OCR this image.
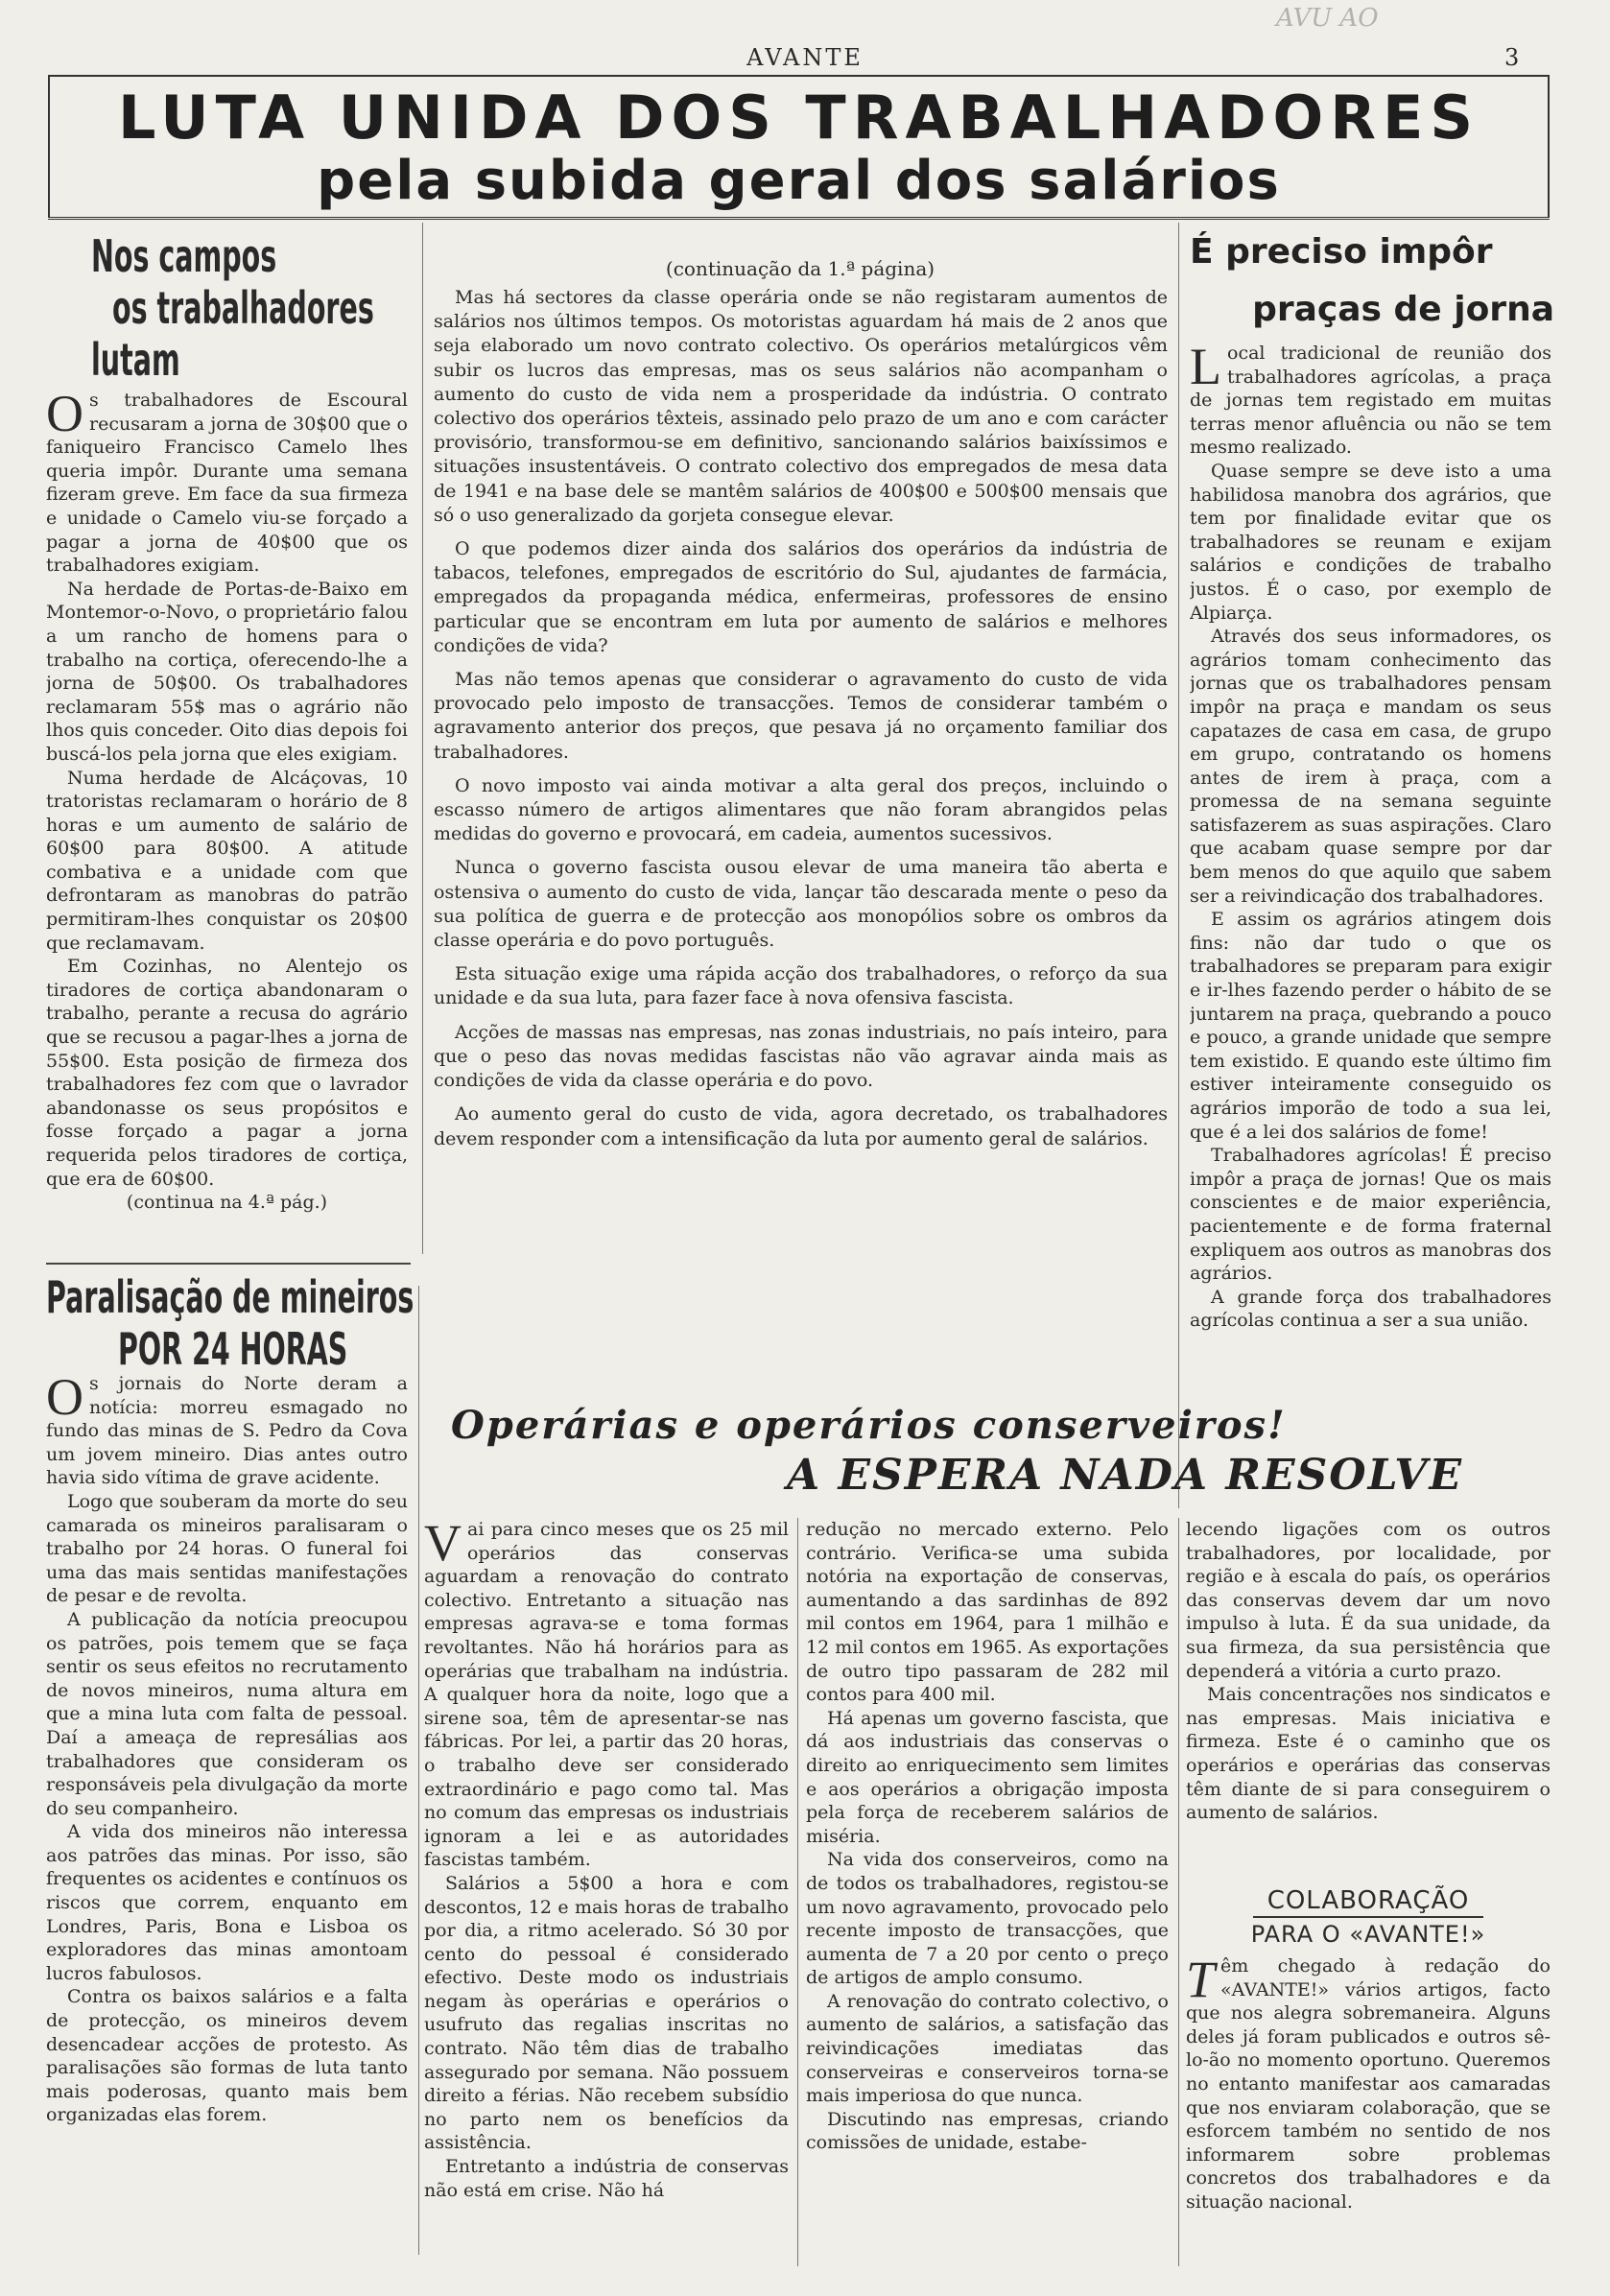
AVU AO
AVANTE	3
LUTA UNIDA DOS TRABALHADORES
pela subida geral dos salários
Nos campos
os trabalhadores
lutam

Os trabalhadores de Escoural recusaram a jorna de 30$00 que o faniqueiro Francisco Camelo lhes queria impôr. Durante uma semana fizeram greve. Em face da sua firmeza e unidade o Camelo viu-se forçado a pagar a jorna de 40$00 que os trabalhadores exigiam.

Na herdade de Portas-de-Baixo em Montemor-o-Novo, o proprietário falou a um rancho de homens para o trabalho na cortiça, oferecendo-lhe a jorna de 50$00. Os trabalhadores reclamaram 55$ mas o agrário não lhos quis conceder. Oito dias depois foi buscá-los pela jorna que eles exigiam.

Numa herdade de Alcáçovas, 10 tratoristas reclamaram o horário de 8 horas e um aumento de salário de 60$00 para 80$00. A atitude combativa e a unidade com que defrontaram as manobras do patrão permitiram-lhes conquistar os 20$00 que reclamavam.

Em Cozinhas, no Alentejo os tiradores de cortiça abandonaram o trabalho, perante a recusa do agrário que se recusou a pagar-lhes a jorna de 55$00. Esta posição de firmeza dos trabalhadores fez com que o lavrador abandonasse os seus propósitos e fosse forçado a pagar a jorna requerida pelos tiradores de cortiça, que era de 60$00.

(continua na 4.ª pág.)

Paralisação de mineiros
POR 24 HORAS

Os jornais do Norte deram a notícia: morreu esmagado no fundo das minas de S. Pedro da Cova um jovem mineiro. Dias antes outro havia sido vítima de grave acidente.

Logo que souberam da morte do seu camarada os mineiros paralisaram o trabalho por 24 horas. O funeral foi uma das mais sentidas manifestações de pesar e de revolta.

A publicação da notícia preocupou os patrões, pois temem que se faça sentir os seus efeitos no recrutamento de novos mineiros, numa altura em que a mina luta com falta de pessoal. Daí a ameaça de represálias aos trabalhadores que consideram os responsáveis pela divulgação da morte do seu companheiro.

A vida dos mineiros não interessa aos patrões das minas. Por isso, são frequentes os acidentes e contínuos os riscos que correm, enquanto em Londres, Paris, Bona e Lisboa os exploradores das minas amontoam lucros fabulosos.

Contra os baixos salários e a falta de protecção, os mineiros devem desencadear acções de protesto. As paralisações são formas de luta tanto mais poderosas, quanto mais bem organizadas elas forem.

(continuação da 1.ª página)

Mas há sectores da classe operária onde se não registaram aumentos de salários nos últimos tempos. Os motoristas aguardam há mais de 2 anos que seja elaborado um novo contrato colectivo. Os operários metalúrgicos vêm subir os lucros das empresas, mas os seus salários não acompanham o aumento do custo de vida nem a prosperidade da indústria. O contrato colectivo dos operários têxteis, assinado pelo prazo de um ano e com carácter provisório, transformou-se em definitivo, sancionando salários baixíssimos e situações insustentáveis. O contrato colectivo dos empregados de mesa data de 1941 e na base dele se mantêm salários de 400$00 e 500$00 mensais que só o uso generalizado da gorjeta consegue elevar.

O que podemos dizer ainda dos salários dos operários da indústria de tabacos, telefones, empregados de escritório do Sul, ajudantes de farmácia, empregados da propaganda médica, enfermeiras, professores de ensino particular que se encontram em luta por aumento de salários e melhores condições de vida?

Mas não temos apenas que considerar o agravamento do custo de vida provocado pelo imposto de transacções. Temos de considerar também o agravamento anterior dos preços, que pesava já no orçamento familiar dos trabalhadores.

O novo imposto vai ainda motivar a alta geral dos preços, incluindo o escasso número de artigos alimentares que não foram abrangidos pelas medidas do governo e provocará, em cadeia, aumentos sucessivos.

Nunca o governo fascista ousou elevar de uma maneira tão aberta e ostensiva o aumento do custo de vida, lançar tão descarada mente o peso da sua política de guerra e de protecção aos monopólios sobre os ombros da classe operária e do povo português.

Esta situação exige uma rápida acção dos trabalhadores, o reforço da sua unidade e da sua luta, para fazer face à nova ofensiva fascista.

Acções de massas nas empresas, nas zonas industriais, no país inteiro, para que o peso das novas medidas fascistas não vão agravar ainda mais as condições de vida da classe operária e do povo.

Ao aumento geral do custo de vida, agora decretado, os trabalhadores devem responder com a intensificação da luta por aumento geral de salários.

É preciso impôr
praças de jorna

Local tradicional de reunião dos trabalhadores agrícolas, a praça de jornas tem registado em muitas terras menor afluência ou não se tem mesmo realizado.

Quase sempre se deve isto a uma habilidosa manobra dos agrários, que tem por finalidade evitar que os trabalhadores se reunam e exijam salários e condições de trabalho justos. É o caso, por exemplo de Alpiarça.

Através dos seus informadores, os agrários tomam conhecimento das jornas que os trabalhadores pensam impôr na praça e mandam os seus capatazes de casa em casa, de grupo em grupo, contratando os homens antes de irem à praça, com a promessa de na semana seguinte satisfazerem as suas aspirações. Claro que acabam quase sempre por dar bem menos do que aquilo que sabem ser a reivindicação dos trabalhadores.

E assim os agrários atingem dois fins: não dar tudo o que os trabalhadores se preparam para exigir e ir-lhes fazendo perder o hábito de se juntarem na praça, quebrando a pouco e pouco, a grande unidade que sempre tem existido. E quando este último fim estiver inteiramente conseguido os agrários imporão de todo a sua lei, que é a lei dos salários de fome!

Trabalhadores agrícolas! É preciso impôr a praça de jornas! Que os mais conscientes e de maior experiência, pacientemente e de forma fraternal expliquem aos outros as manobras dos agrários.

A grande força dos trabalhadores agrícolas continua a ser a sua união.

Operárias e operários conserveiros!
A ESPERA NADA RESOLVE

Vai para cinco meses que os 25 mil operários das conservas aguardam a renovação do contrato colectivo. Entretanto a situação nas empresas agrava-se e toma formas revoltantes. Não há horários para as operárias que trabalham na indústria. A qualquer hora da noite, logo que a sirene soa, têm de apresentar-se nas fábricas. Por lei, a partir das 20 horas, o trabalho deve ser considerado extraordinário e pago como tal. Mas no comum das empresas os industriais ignoram a lei e as autoridades fascistas também.

Salários a 5$00 a hora e com descontos, 12 e mais horas de trabalho por dia, a ritmo acelerado. Só 30 por cento do pessoal é considerado efectivo. Deste modo os industriais negam às operárias e operários o usufruto das regalias inscritas no contrato. Não têm dias de trabalho assegurado por semana. Não possuem direito a férias. Não recebem subsídio no parto nem os benefícios da assistência.

Entretanto a indústria de conservas não está em crise. Não há

redução no mercado externo. Pelo contrário. Verifica-se uma subida notória na exportação de conservas, aumentando a das sardinhas de 892 mil contos em 1964, para 1 milhão e 12 mil contos em 1965. As exportações de outro tipo passaram de 282 mil contos para 400 mil.

Há apenas um governo fascista, que dá aos industriais das conservas o direito ao enriquecimento sem limites e aos operários a obrigação imposta pela força de receberem salários de miséria.

Na vida dos conserveiros, como na de todos os trabalhadores, registou-se um novo agravamento, provocado pelo recente imposto de transacções, que aumenta de 7 a 20 por cento o preço de artigos de amplo consumo.

A renovação do contrato colectivo, o aumento de salários, a satisfação das reivindicações imediatas das conserveiras e conserveiros torna-se mais imperiosa do que nunca.

Discutindo nas empresas, criando comissões de unidade, estabe-

lecendo ligações com os outros trabalhadores, por localidade, por região e à escala do país, os operários das conservas devem dar um novo impulso à luta. É da sua unidade, da sua firmeza, da sua persistência que dependerá a vitória a curto prazo.

Mais concentrações nos sindicatos e nas empresas. Mais iniciativa e firmeza. Este é o caminho que os operários e operárias das conservas têm diante de si para conseguirem o aumento de salários.

COLABORAÇÃO
PARA O «AVANTE!»

Têm chegado à redação do «AVANTE!» vários artigos, facto que nos alegra sobremaneira. Alguns deles já foram publicados e outros sê-lo-ão no momento oportuno. Queremos no entanto manifestar aos camaradas que nos enviaram colaboração, que se esforcem também no sentido de nos informarem sobre problemas concretos dos trabalhadores e da situação nacional.
